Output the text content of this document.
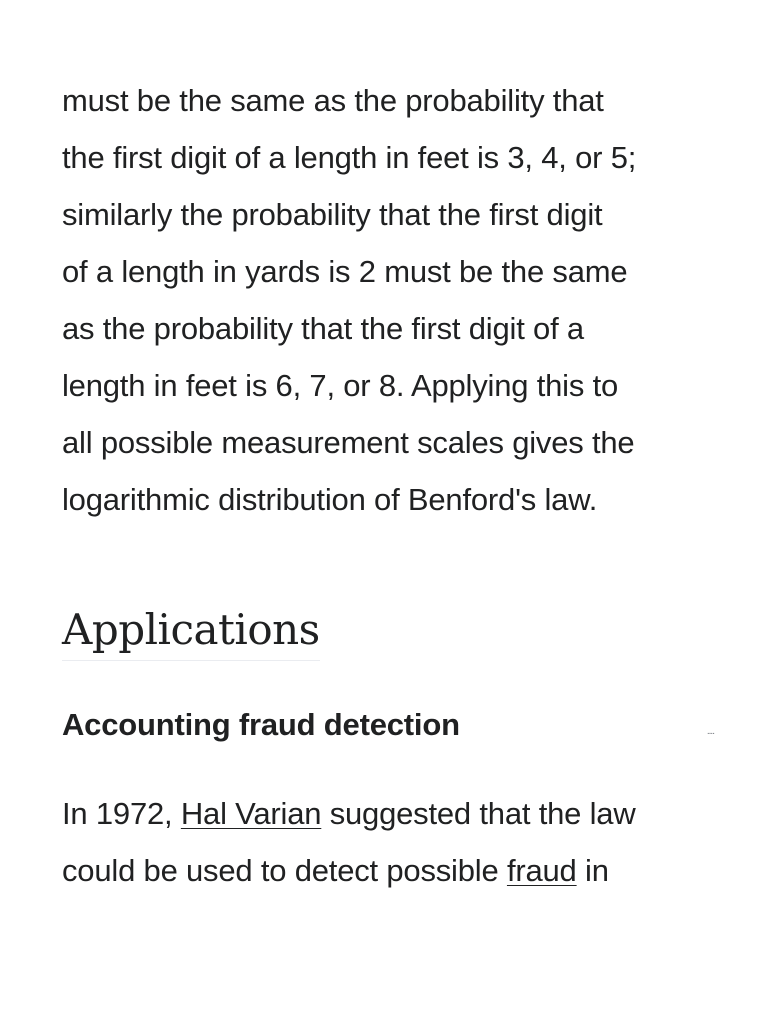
must be the same as the probability that
the first digit of a length in feet is 3, 4, or 5;
similarly the probability that the first digit
of a length in yards is 2 must be the same
as the probability that the first digit of a
length in feet is 6, 7, or 8. Applying this to
all possible measurement scales gives the
logarithmic distribution of Benford's law.

Applications
Accounting fraud detection	....

In 1972, Hal Varian suggested that the law
could be used to detect possible fraud in
